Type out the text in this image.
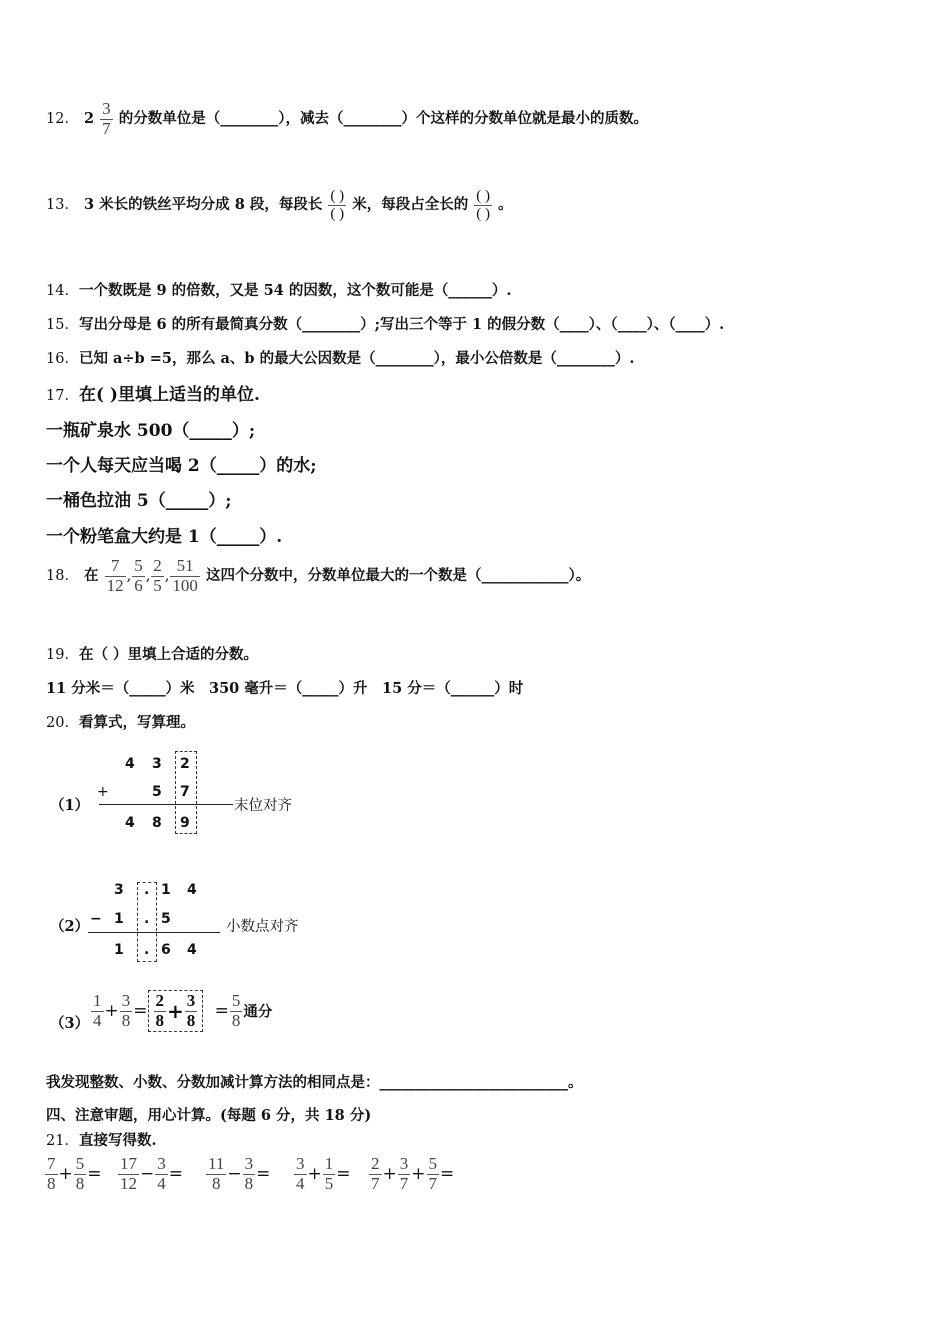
12． $2 \frac{3}{7}$ 的分数单位是（________），减去（________）个这样的分数单位就是最小的质数。
13． 3 米长的铁丝平均分成 8 段，每段长 $\frac{( )}{( )}$ 米，每段占全长的 $\frac{( )}{( )}$ 。
14．一个数既是 9 的倍数，又是 54 的因数，这个数可能是（______）.
15．写出分母是 6 的所有最简真分数（________）;写出三个等于 1 的假分数（____）、（____）、（____）.
16．已知 a÷b =5，那么 a、b 的最大公因数是（________），最小公倍数是（________）.
17．在( )里填上适当的单位.
一瓶矿泉水 500（_____）;
一个人每天应当喝 2（_____）的水;
一桶色拉油 5（_____）;
一个粉笔盒大约是 1（_____）.
18． 在 $\frac{7}{12}$ , $\frac{5}{6}$ , $\frac{2}{5}$ , $\frac{51}{100}$ 这四个分数中，分数单位最大的一个数是（____________）。
19．在（ ）里填上合适的分数。
11 分米＝（_____）米　350 毫升＝（_____）升　15 分＝（______）时
20．看算式，写算理。
（1）
4 3 2
+	5 7
4 8 9
末位对齐
（2）
3 . 1 4
− 1 . 5
1 . 6 4
小数点对齐
$(3) \frac{1}{4} + \frac{3}{8} = \frac{2}{8} + \frac{3}{8} = \frac{5}{8}$ 通分
我发现整数、小数、分数加减计算方法的相同点是：__________________________。
四、注意审题，用心计算。(每题 6 分，共 18 分)
21．直接写得数.
$\frac{7}{8} + \frac{5}{8} = \frac{17}{12} - \frac{3}{4} = \frac{11}{8} - \frac{3}{8} = \frac{3}{4} + \frac{1}{5} = \frac{2}{7} + \frac{3}{7} + \frac{5}{7}$ =
